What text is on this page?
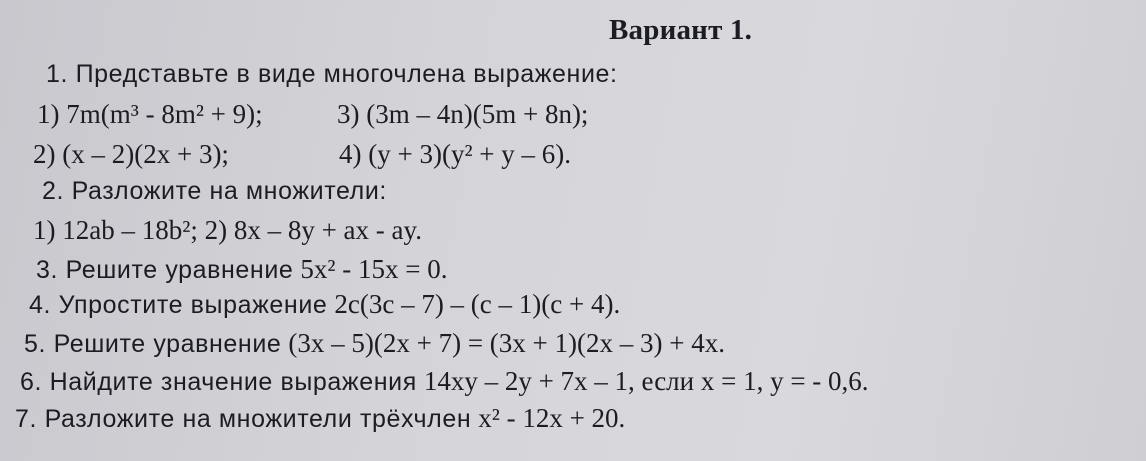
Вариант 1.
1. Представьте в виде многочлена выражение:
1) 7m(m³ - 8m² + 9);	3) (3m – 4n)(5m + 8n);
2) (x – 2)(2x + 3);	4) (y + 3)(y² + y – 6).
2. Разложите на множители:
1) 12ab – 18b²; 2) 8x – 8y + ax - ay.
3. Решите уравнение 5x² - 15x = 0.
4. Упростите выражение 2c(3c – 7) – (c – 1)(c + 4).
5. Решите уравнение (3x – 5)(2x + 7) = (3x + 1)(2x – 3) + 4x.
6. Найдите значение выражения 14xy – 2y + 7x – 1, если x = 1, y = - 0,6.
7. Разложите на множители трёхчлен x² - 12x + 20.
